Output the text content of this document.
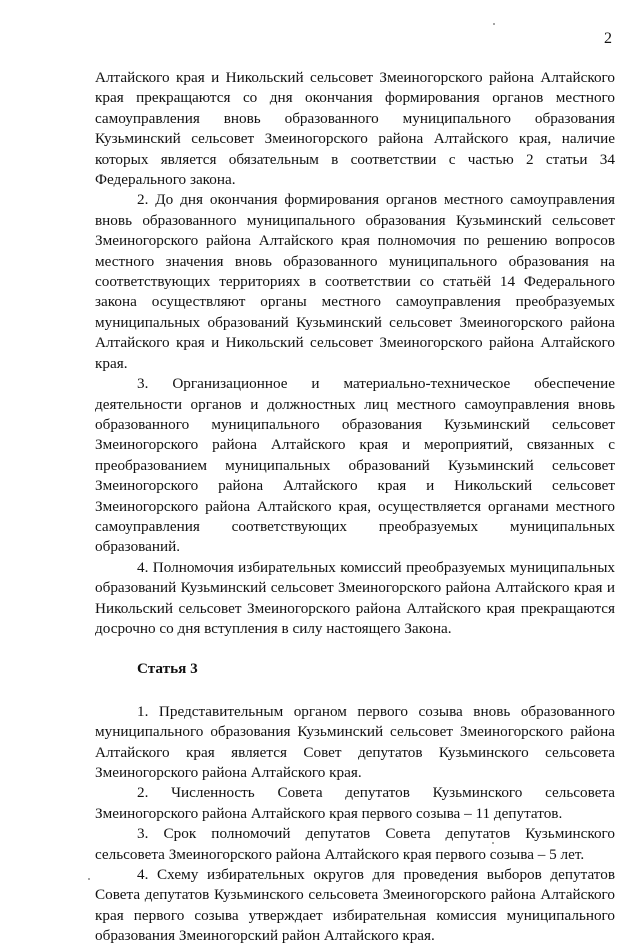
2

Алтайского края и Никольский сельсовет Змеиногорского района Алтайского края прекращаются со дня окончания формирования органов местного самоуправления вновь образованного муниципального образования Кузьминский сельсовет Змеиногорского района Алтайского края, наличие которых является обязательным в соответствии с частью 2 статьи 34 Федерального закона.

2. До дня окончания формирования органов местного самоуправления вновь образованного муниципального образования Кузьминский сельсовет Змеиногорского района Алтайского края полномочия по решению вопросов местного значения вновь образованного муниципального образования на соответствующих территориях в соответствии со статьёй 14 Федерального закона осуществляют органы местного самоуправления преобразуемых муниципальных образований Кузьминский сельсовет Змеиногорского района Алтайского края и Никольский сельсовет Змеиногорского района Алтайского края.

3. Организационное и материально-техническое обеспечение деятельности органов и должностных лиц местного самоуправления вновь образованного муниципального образования Кузьминский сельсовет Змеиногорского района Алтайского края и мероприятий, связанных с преобразованием муниципальных образований Кузьминский сельсовет Змеиногорского района Алтайского края и Никольский сельсовет Змеиногорского района Алтайского края, осуществляется органами местного самоуправления соответствующих преобразуемых муниципальных образований.

4. Полномочия избирательных комиссий преобразуемых муниципальных образований Кузьминский сельсовет Змеиногорского района Алтайского края и Никольский сельсовет Змеиногорского района Алтайского края прекращаются досрочно со дня вступления в силу настоящего Закона.

Статья 3

1. Представительным органом первого созыва вновь образованного муниципального образования Кузьминский сельсовет Змеиногорского района Алтайского края является Совет депутатов Кузьминского сельсовета Змеиногорского района Алтайского края.

2. Численность Совета депутатов Кузьминского сельсовета Змеиногорского района Алтайского края первого созыва – 11 депутатов.

3. Срок полномочий депутатов Совета депутатов Кузьминского сельсовета Змеиногорского района Алтайского края первого созыва – 5 лет.

4. Схему избирательных округов для проведения выборов депутатов Совета депутатов Кузьминского сельсовета Змеиногорского района Алтайского края первого созыва утверждает избирательная комиссия муниципального образования Змеиногорский район Алтайского края.
